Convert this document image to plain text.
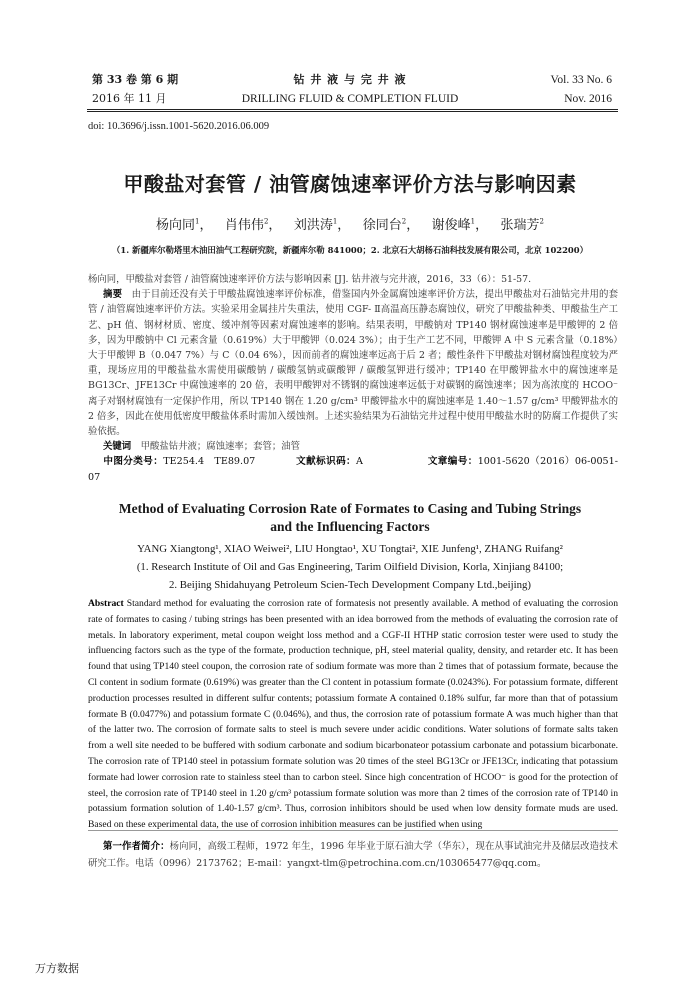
第 33 卷 第 6 期
2016 年 11 月
钻 井 液 与 完 井 液
DRILLING FLUID & COMPLETION FLUID
Vol. 33 No. 6
Nov. 2016
doi: 10.3696/j.issn.1001-5620.2016.06.009
甲酸盐对套管 / 油管腐蚀速率评价方法与影响因素
杨向同$^1$，   肖伟伟$^2$，   刘洪涛$^1$，   徐同台$^2$，   谢俊峰$^1$，   张瑞芳$^2$
（1. 新疆库尔勒塔里木油田油气工程研究院，新疆库尔勒 841000；2. 北京石大胡杨石油科技发展有限公司，北京 102200）
杨向同，甲酸盐对套管 / 油管腐蚀速率评价方法与影响因素 [J]. 钻井液与完井液，2016，33（6）：51-57.
摘要　 由于目前还没有关于甲酸盐腐蚀速率评价标准，借鉴国内外金属腐蚀速率评价方法，提出甲酸盐对石油钻完井用的套管 / 油管腐蚀速率评价方法。实验采用金属挂片失重法，使用 CGF- Ⅱ高温高压静态腐蚀仪，研究了甲酸盐种类、甲酸盐生产工艺、pH 值、钢材材质、密度、缓冲剂等因素对腐蚀速率的影响。结果表明，甲酸钠对 TP140 钢材腐蚀速率是甲酸钾的 2 倍多，因为甲酸钠中 Cl 元素含量（0.619%）大于甲酸钾（0.024 3%）；由于生产工艺不同，甲酸钾 A 中 S 元素含量（0.18%）大于甲酸钾 B（0.047 7%）与 C（0.04 6%），因而前者的腐蚀速率远高于后 2 者；酸性条件下甲酸盐对钢材腐蚀程度较为严重，现场应用的甲酸盐盐水需使用碳酸钠 / 碳酸氢钠或碳酸钾 / 碳酸氢钾进行缓冲；TP140 在甲酸钾盐水中的腐蚀速率是 BG13Cr、JFE13Cr 中腐蚀速率的 20 倍，表明甲酸钾对不锈钢的腐蚀速率远低于对碳钢的腐蚀速率；因为高浓度的 HCOO⁻ 离子对钢材腐蚀有一定保护作用，所以 TP140 钢在 1.20 g/cm³ 甲酸钾盐水中的腐蚀速率是 1.40～1.57 g/cm³ 甲酸钾盐水的 2 倍多，因此在使用低密度甲酸盐体系时需加入缓蚀剂。上述实验结果为石油钻完井过程中使用甲酸盐水时的防腐工作提供了实验依据。
关键词　 甲酸盐钻井液；腐蚀速率；套管；油管
中图分类号：TE254.4　TE89.07	文献标识码：A	文章编号：1001-5620（2016）06-0051-07
Method of Evaluating Corrosion Rate of Formates to Casing and Tubing Strings and the Influencing Factors
YANG Xiangtong¹, XIAO Weiwei², LIU Hongtao¹, XU Tongtai², XIE Junfeng¹, ZHANG Ruifang²
(1. Research Institute of Oil and Gas Engineering, Tarim Oilfield Division, Korla, Xinjiang 84100;
2. Beijing Shidahuyang Petroleum Scien-Tech Development Company Ltd.,beijing)
Abstract Standard method for evaluating the corrosion rate of formatesis not presently available. A method of evaluating the corrosion rate of formates to casing / tubing strings has been presented with an idea borrowed from the methods of evaluating the corrosion rate of metals. In laboratory experiment, metal coupon weight loss method and a CGF-II HTHP static corrosion tester were used to study the influencing factors such as the type of the formate, production technique, pH, steel material quality, density, and retarder etc. It has been found that using TP140 steel coupon, the corrosion rate of sodium formate was more than 2 times that of potassium formate, because the Cl content in sodium formate (0.619%) was greater than the Cl content in potassium formate (0.0243%). For potassium formate, different production processes resulted in different sulfur contents; potassium formate A contained 0.18% sulfur, far more than that of potassium formate B (0.0477%) and potassium formate C (0.046%), and thus, the corrosion rate of potassium formate A was much higher than that of the latter two. The corrosion of formate salts to steel is much severe under acidic conditions. Water solutions of formate salts taken from a well site needed to be buffered with sodium carbonate and sodium bicarbonateor potassium carbonate and potassium bicarbonate. The corrosion rate of TP140 steel in potassium formate solution was 20 times of the steel BG13Cr or JFE13Cr, indicating that potassium formate had lower corrosion rate to stainless steel than to carbon steel. Since high concentration of HCOO⁻ is good for the protection of steel, the corrosion rate of TP140 steel in 1.20 g/cm³ potassium formate solution was more than 2 times of the corrosion rate of TP140 in potassium formation solution of 1.40-1.57 g/cm³. Thus, corrosion inhibitors should be used when low density formate muds are used. Based on these experimental data, the use of corrosion inhibition measures can be justified when using
第一作者简介：杨向同，高级工程师，1972 年生，1996 年毕业于原石油大学（华东），现在从事试油完井及储层改造技术研究工作。电话（0996）2173762；E-mail：yangxt-tlm@petrochina.com.cn/103065477@qq.com。
万方数据
